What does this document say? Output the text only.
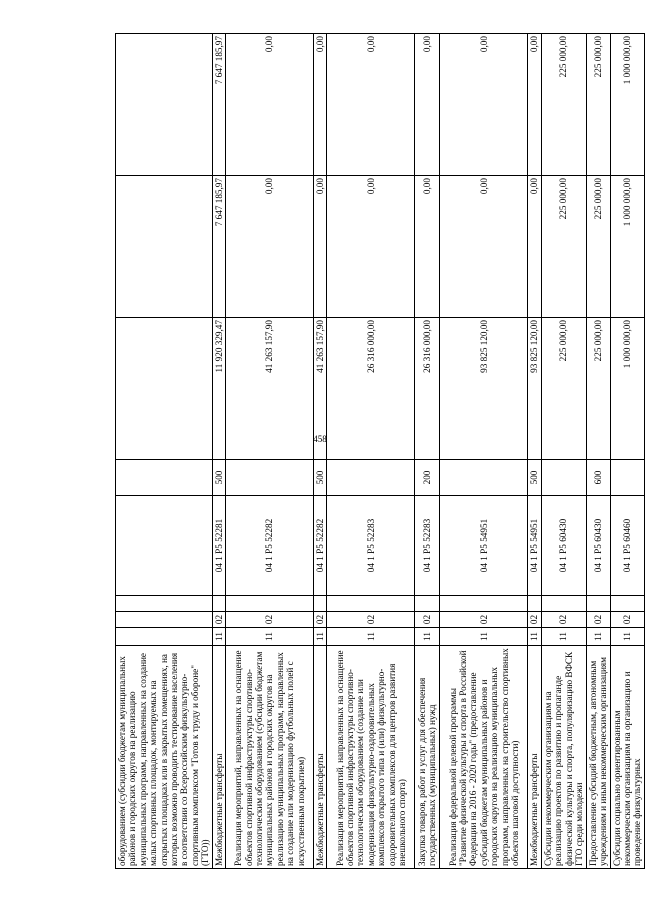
458
оборудованием (субсидии бюджетам муниципальных районов и городских округов на реализацию муниципальных программ, направленных на создание малых спортивных площадок, монтируемых на открытых площадках или в закрытых помещениях, на которых возможно проводить тестирование населения в соответствии со Всероссийским физкультурно-спортивным комплексом "Готов к труду и обороне" (ГТО))								
Межбюджетные трансферты	11	02		04 1 P5 52281	500	11 920 329,47	7 647 185,97	7 647 185,97
Реализация мероприятий, направленных на оснащение объектов спортивной инфраструктуры спортивно-технологическим оборудованием (субсидии бюджетам муниципальных районов и городских округов на реализацию муниципальных программ, направленных на создание или модернизацию футбольных полей с искусственным покрытием)	11	02		04 1 P5 52282		41 263 157,90	0,00	0,00
Межбюджетные трансферты	11	02		04 1 P5 52282	500	41 263 157,90	0,00	0,00
Реализация мероприятий, направленных на оснащение объектов спортивной инфраструктуры спортивно-технологическим оборудованием (создание или модернизация физкультурно-оздоровительных комплексов открытого типа и (или) физкультурно-оздоровительных комплексов для центров развития внешкольного спорта)	11	02		04 1 P5 52283		26 316 000,00	0,00	0,00
Закупка товаров, работ и услуг для обеспечения государственных (муниципальных) нужд	11	02		04 1 P5 52283	200	26 316 000,00	0,00	0,00
Реализация федеральной целевой программы "Развитие физической культуры и спорта в Российской Федерации на 2016 - 2020 годы" (предоставление субсидий бюджетам муниципальных районов и городских округов на реализацию муниципальных программ, направленных на строительство спортивных объектов шаговой доступности)	11	02		04 1 P5 54951		93 825 120,00	0,00	0,00
Межбюджетные трансферты	11	02		04 1 P5 54951	500	93 825 120,00	0,00	0,00
Субсидии некоммерческим организациям на реализацию проектов по развитию и пропаганде физической культуры и спорта, популяризацию ВФСК ГТО среди молодежи	11	02		04 1 P5 60430		225 000,00	225 000,00	225 000,00
Предоставление субсидий бюджетным, автономным учреждениям и иным некоммерческим организациям	11	02		04 1 P5 60430	600	225 000,00	225 000,00	225 000,00
Субсидии социально ориентированным некоммерческим организациям на организацию и проведение физкультурных	11	02		04 1 P5 60460		1 000 000,00	1 000 000,00	1 000 000,00
